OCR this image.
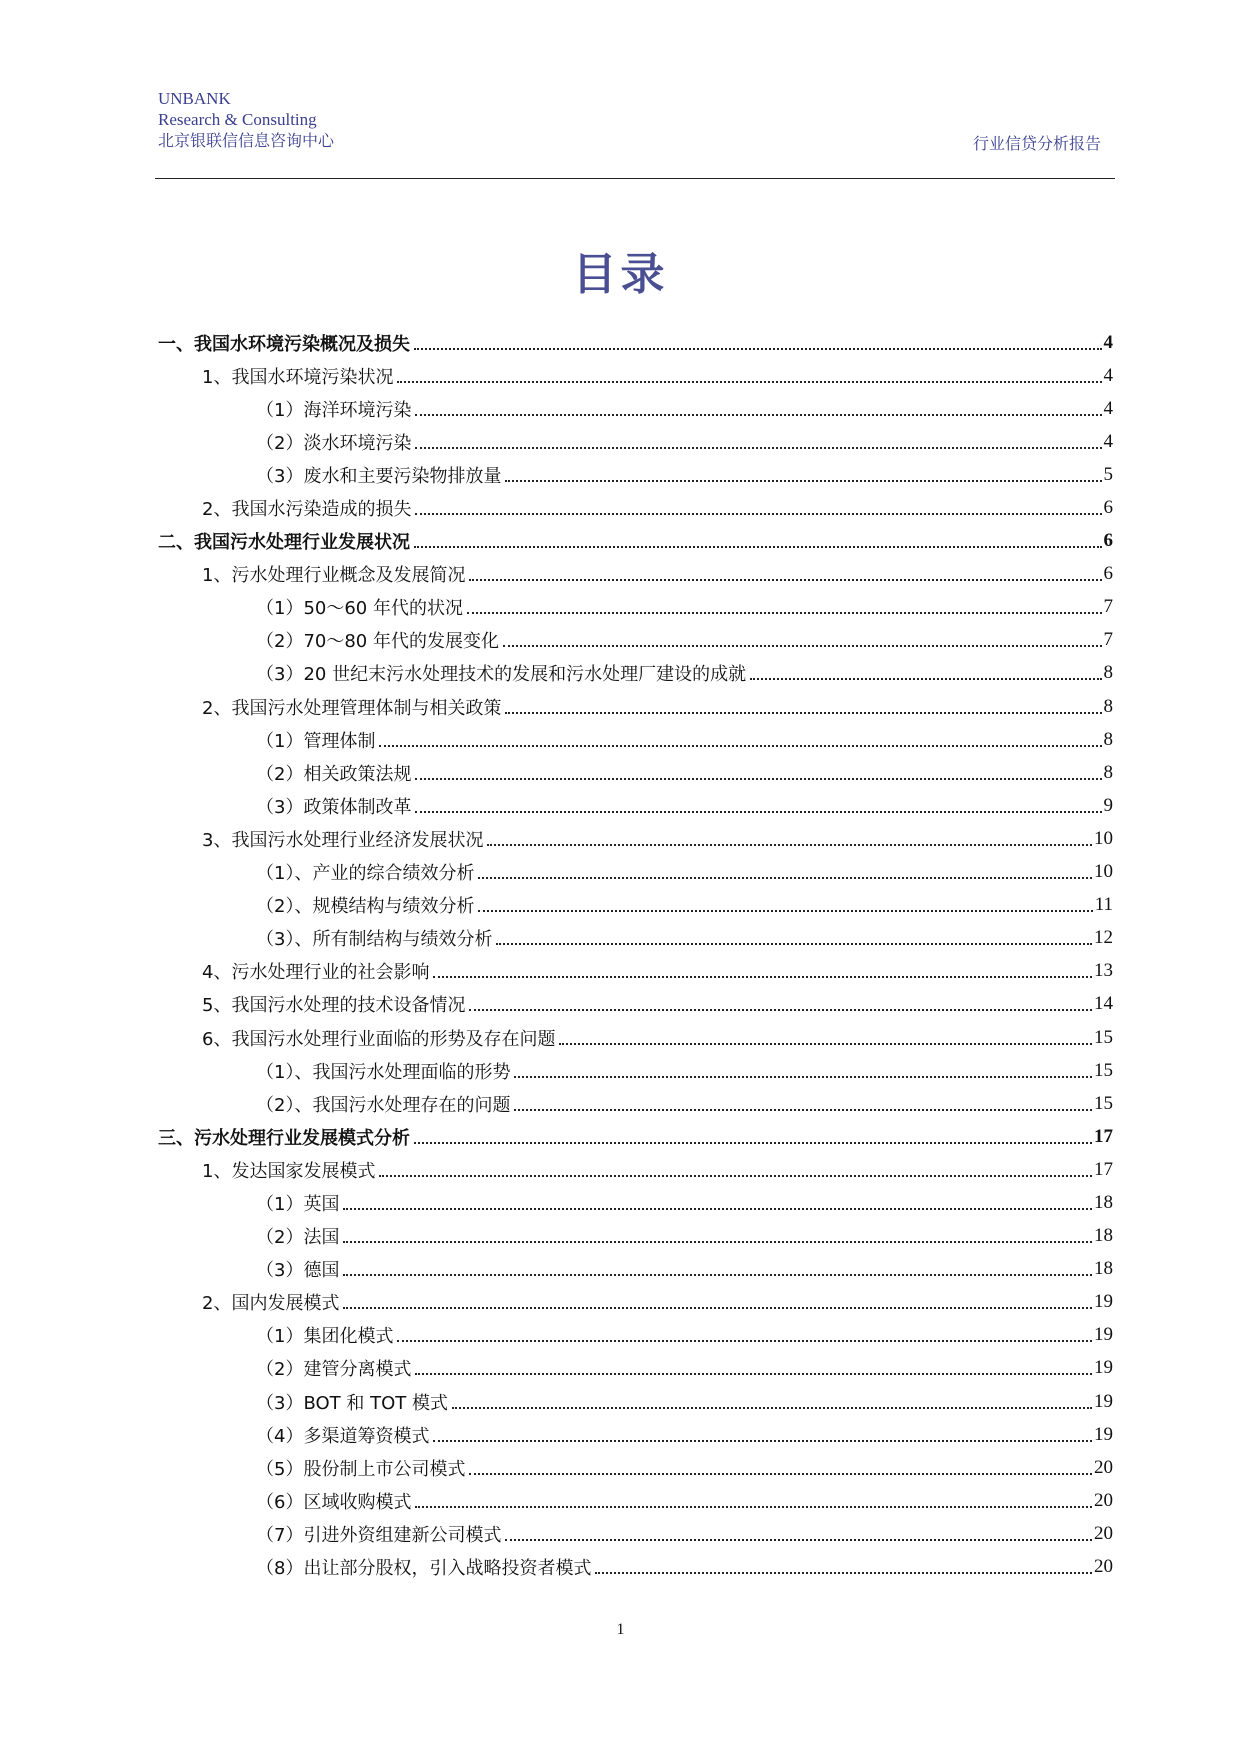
UNBANK
Research & Consulting
北京银联信信息咨询中心	行业信贷分析报告
目录
一、我国水环境污染概况及损失	4
1、我国水环境污染状况	4
（1）海洋环境污染	4
（2）淡水环境污染	4
（3）废水和主要污染物排放量	5
2、我国水污染造成的损失	6
二、我国污水处理行业发展状况	6
1、污水处理行业概念及发展简况	6
（1）50～60 年代的状况	7
（2）70～80 年代的发展变化	7
（3）20 世纪末污水处理技术的发展和污水处理厂建设的成就	8
2、我国污水处理管理体制与相关政策	8
（1）管理体制	8
（2）相关政策法规	8
（3）政策体制改革	9
3、我国污水处理行业经济发展状况	10
（1）、产业的综合绩效分析	10
（2）、规模结构与绩效分析	11
（3）、所有制结构与绩效分析	12
4、污水处理行业的社会影响	13
5、我国污水处理的技术设备情况	14
6、我国污水处理行业面临的形势及存在问题	15
（1）、我国污水处理面临的形势	15
（2）、我国污水处理存在的问题	15
三、污水处理行业发展模式分析	17
1、发达国家发展模式	17
（1）英国	18
（2）法国	18
（3）德国	18
2、国内发展模式	19
（1）集团化模式	19
（2）建管分离模式	19
（3）BOT 和 TOT 模式	19
（4）多渠道筹资模式	19
（5）股份制上市公司模式	20
（6）区域收购模式	20
（7）引进外资组建新公司模式	20
（8）出让部分股权，引入战略投资者模式	20
1
